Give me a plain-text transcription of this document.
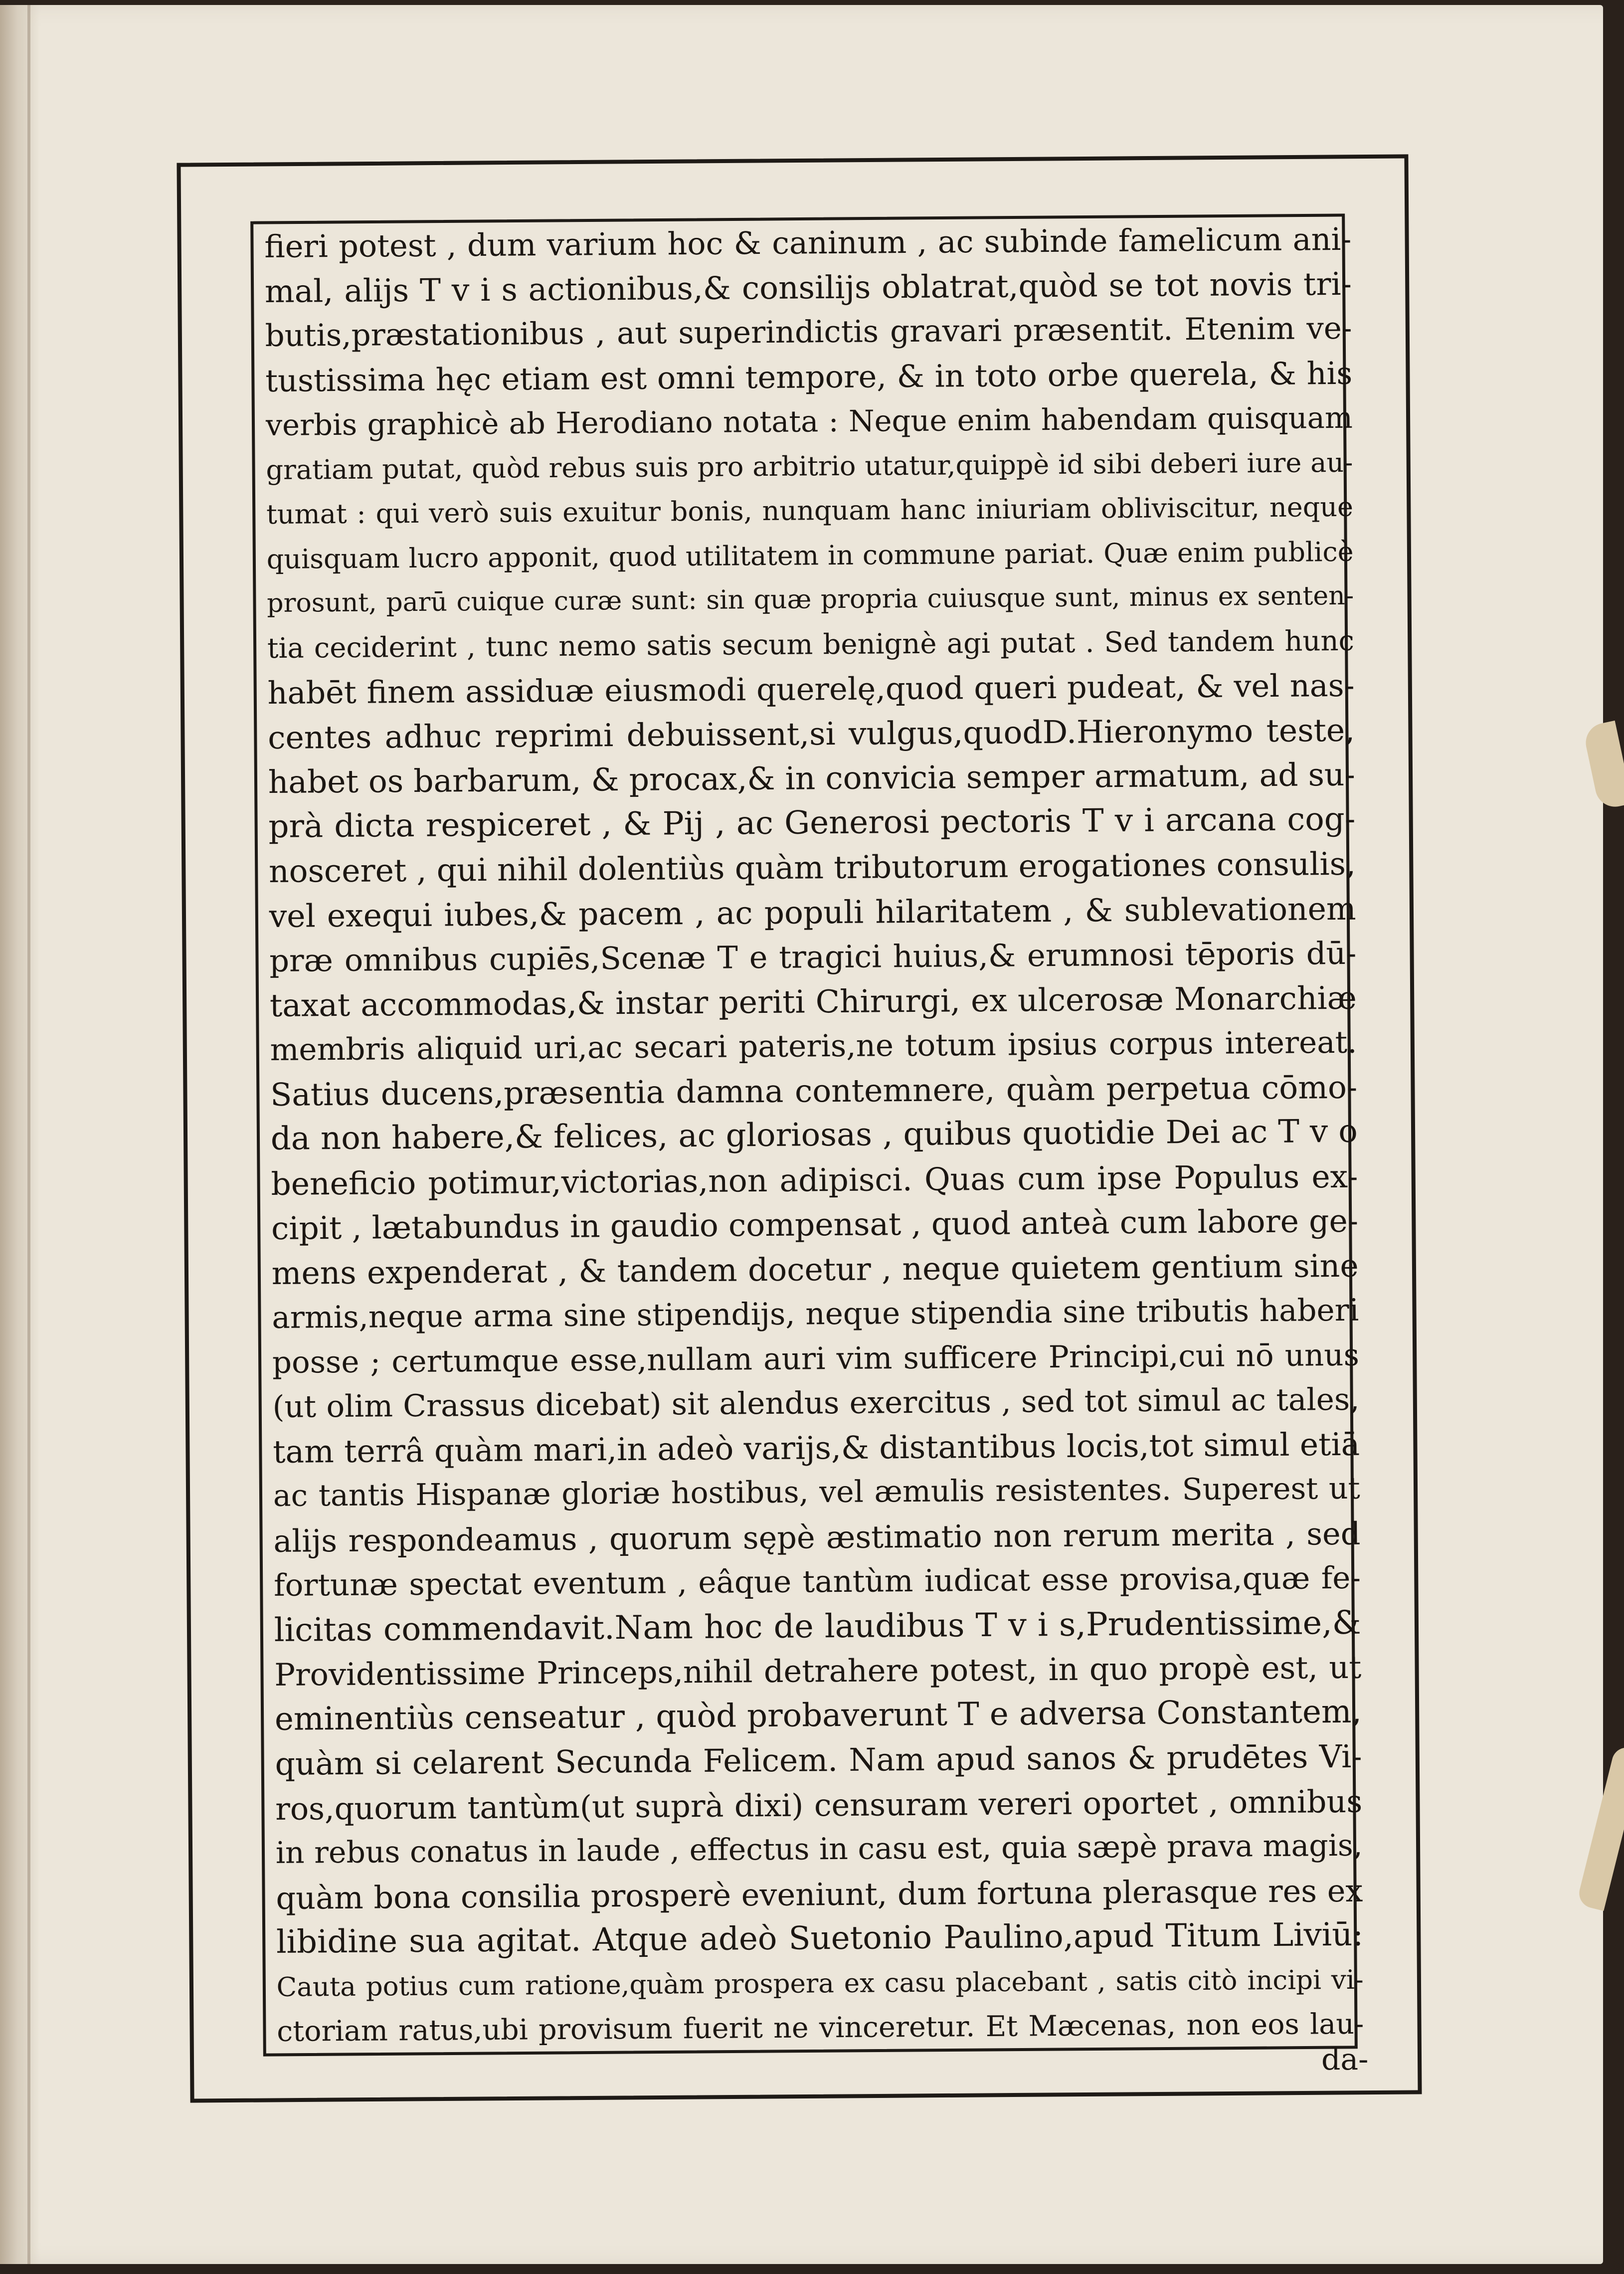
fieri potest , dum varium hoc & caninum , ac subinde famelicum ani-
mal, alijs T v i s actionibus,& consilijs oblatrat,quòd se tot novis tri-
butis,præstationibus , aut superindictis gravari præsentit. Etenim ve-
tustissima hęc etiam est omni tempore, & in toto orbe querela, & his
verbis graphicè ab Herodiano notata : Neque enim habendam quisquam
gratiam putat, quòd rebus suis pro arbitrio utatur,quippè id sibi deberi iure au-
tumat : qui verò suis exuitur bonis, nunquam hanc iniuriam obliviscitur, neque
quisquam lucro apponit, quod utilitatem in commune pariat. Quæ enim publicè
prosunt, parū cuique curæ sunt: sin quæ propria cuiusque sunt, minus ex senten-
tia ceciderint , tunc nemo satis secum benignè agi putat . Sed tandem hunc
habēt finem assiduæ eiusmodi querelę,quod queri pudeat, & vel nas-
centes adhuc reprimi debuissent,si vulgus,quodD.Hieronymo teste,
habet os barbarum, & procax,& in convicia semper armatum, ad su-
prà dicta respiceret , & Pij , ac Generosi pectoris T v i arcana cog-
nosceret , qui nihil dolentiùs quàm tributorum erogationes consulis,
vel exequi iubes,& pacem , ac populi hilaritatem , & sublevationem
præ omnibus cupiēs,Scenæ T e tragici huius,& erumnosi tēporis dū-
taxat accommodas,& instar periti Chirurgi, ex ulcerosæ Monarchiæ
membris aliquid uri,ac secari pateris,ne totum ipsius corpus intereat.
Satius ducens,præsentia damna contemnere, quàm perpetua cōmo-
da non habere,& felices, ac gloriosas , quibus quotidie Dei ac T v o
beneficio potimur,victorias,non adipisci. Quas cum ipse Populus ex-
cipit , lætabundus in gaudio compensat , quod anteà cum labore ge-
mens expenderat , & tandem docetur , neque quietem gentium sine
armis,neque arma sine stipendijs, neque stipendia sine tributis haberi
posse ; certumque esse,nullam auri vim sufficere Principi,cui nō unus
(ut olim Crassus dicebat) sit alendus exercitus , sed tot simul ac tales,
tam terrâ quàm mari,in adeò varijs,& distantibus locis,tot simul etiā
ac tantis Hispanæ gloriæ hostibus, vel æmulis resistentes. Superest ut
alijs respondeamus , quorum sępè æstimatio non rerum merita , sed
fortunæ spectat eventum , eâque tantùm iudicat esse provisa,quæ fe-
licitas commendavit.Nam hoc de laudibus T v i s,Prudentissime,&
Providentissime Princeps,nihil detrahere potest, in quo propè est, ut
eminentiùs censeatur , quòd probaverunt T e adversa Constantem,
quàm si celarent Secunda Felicem. Nam apud sanos & prudētes Vi-
ros,quorum tantùm(ut suprà dixi) censuram vereri oportet , omnibus
in rebus conatus in laude , effectus in casu est, quia sæpè prava magis,
quàm bona consilia prosperè eveniunt, dum fortuna plerasque res ex
libidine sua agitat. Atque adeò Suetonio Paulino,apud Titum Liviū:
Cauta potius cum ratione,quàm prospera ex casu placebant , satis citò incipi vi-
ctoriam ratus,ubi provisum fuerit ne vinceretur. Et Mæcenas, non eos lau-
da-
